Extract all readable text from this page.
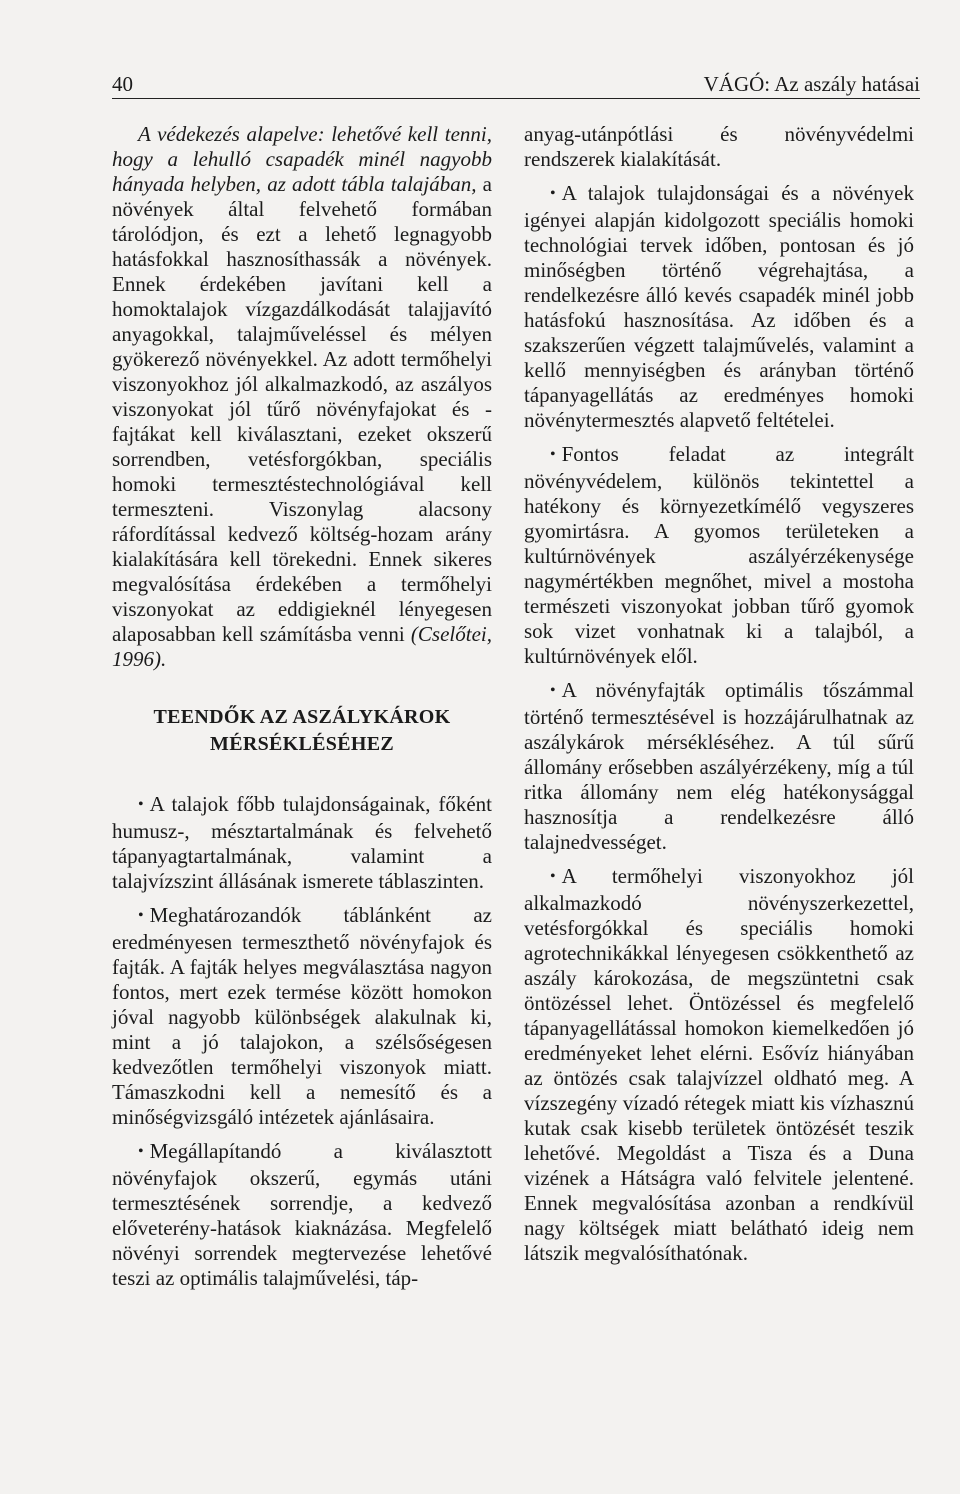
40	VÁGÓ: Az aszály hatásai

A védekezés alapelve: lehetővé kell tenni, hogy a lehulló csapadék minél nagyobb hányada helyben, az adott tábla talajában, a növények által felvehető formában tárolódjon, és ezt a lehető legnagyobb hatásfokkal hasznosíthassák a növények. Ennek érdekében javítani kell a homoktalajok vízgazdálkodását talajjavító anyagokkal, talajműveléssel és mélyen gyökerező növényekkel. Az adott termőhelyi viszonyokhoz jól alkalmazkodó, az aszályos viszonyokat jól tűrő növényfajokat és -fajtákat kell kiválasztani, ezeket okszerű sorrendben, vetésforgókban, speciális homoki termesztéstechnológiával kell termeszteni. Viszonylag alacsony ráfordítással kedvező költség-hozam arány kialakítására kell törekedni. Ennek sikeres megvalósítása érdekében a termőhelyi viszonyokat az eddigieknél lényegesen alaposabban kell számításba venni (Cselőtei, 1996).

TEENDŐK AZ ASZÁLYKÁROK
MÉRSÉKLÉSÉHEZ

• A talajok főbb tulajdonságainak, főként humusz-, mésztartalmának és felvehető tápanyagtartalmának, valamint a talajvízszint állásának ismerete táblaszinten.

• Meghatározandók táblánként az eredményesen termeszthető növényfajok és fajták. A fajták helyes megválasztása nagyon fontos, mert ezek termése között homokon jóval nagyobb különbségek alakulnak ki, mint a jó talajokon, a szélsőségesen kedvezőtlen termőhelyi viszonyok miatt. Támaszkodni kell a nemesítő és a minőségvizsgáló intézetek ajánlásaira.

• Megállapítandó a kiválasztott növényfajok okszerű, egymás utáni termesztésének sorrendje, a kedvező előveterény-hatások kiaknázása. Megfelelő növényi sorrendek megtervezése lehetővé teszi az optimális talajművelési, táp-

anyag-utánpótlási és növényvédelmi rendszerek kialakítását.

• A talajok tulajdonságai és a növények igényei alapján kidolgozott speciális homoki technológiai tervek időben, pontosan és jó minőségben történő végrehajtása, a rendelkezésre álló kevés csapadék minél jobb hatásfokú hasznosítása. Az időben és a szakszerűen végzett talajművelés, valamint a kellő mennyiségben és arányban történő tápanyagellátás az eredményes homoki növénytermesztés alapvető feltételei.

• Fontos feladat az integrált növényvédelem, különös tekintettel a hatékony és környezetkímélő vegyszeres gyomirtásra. A gyomos területeken a kultúrnövények aszályérzékenysége nagymértékben megnőhet, mivel a mostoha természeti viszonyokat jobban tűrő gyomok sok vizet vonhatnak ki a talajból, a kultúrnövények elől.

• A növényfajták optimális tőszámmal történő termesztésével is hozzájárulhatnak az aszálykárok mérsékléséhez. A túl sűrű állomány erősebben aszályérzékeny, míg a túl ritka állomány nem elég hatékonysággal hasznosítja a rendelkezésre álló talajnedvességet.

• A termőhelyi viszonyokhoz jól alkalmazkodó növényszerkezettel, vetésforgókkal és speciális homoki agrotechnikákkal lényegesen csökkenthető az aszály károkozása, de megszüntetni csak öntözéssel lehet. Öntözéssel és megfelelő tápanyagellátással homokon kiemelkedően jó eredményeket lehet elérni. Esővíz hiányában az öntözés csak talajvízzel oldható meg. A vízszegény vízadó rétegek miatt kis vízhasznú kutak csak kisebb területek öntözését teszik lehetővé. Megoldást a Tisza és a Duna vizének a Hátságra való felvitele jelentené. Ennek megvalósítása azonban a rendkívül nagy költségek miatt belátható ideig nem látszik megvalósíthatónak.
